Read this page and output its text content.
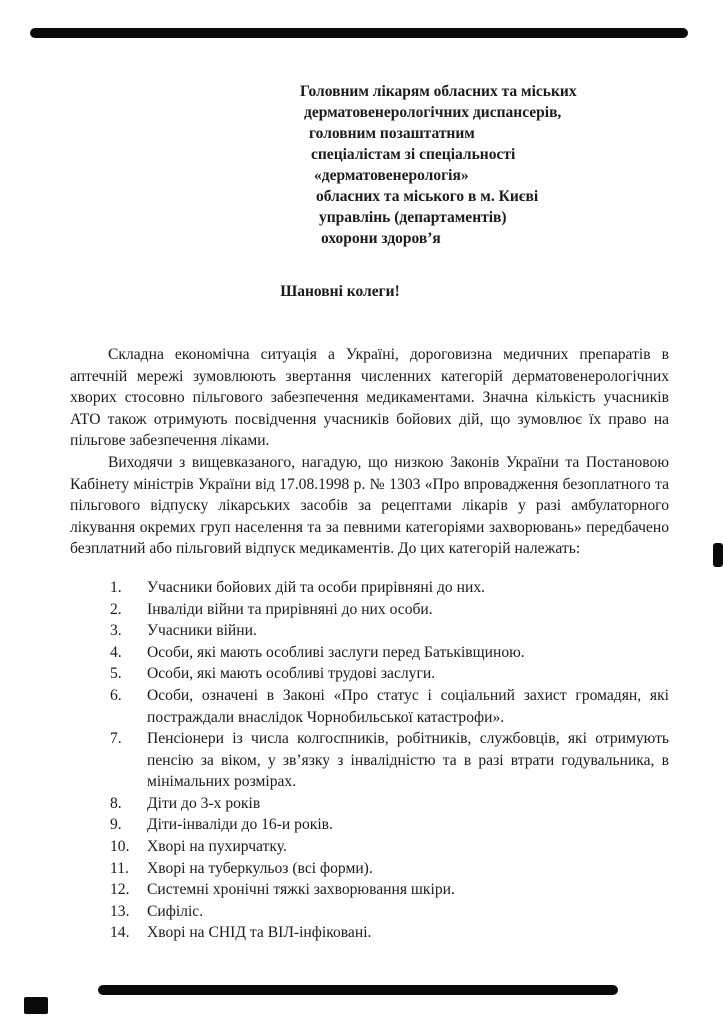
Головним лікарям обласних та міських
дерматовенерологічних диспансерів,
головним позаштатним
спеціалістам зі спеціальності
«дерматовенерологія»
обласних та міського в м. Києві
управлінь (департаментів)
охорони здоров’я
Шановні колеги!

Складна економічна ситуація а Україні, дороговизна медичних препаратів в аптечній мережі зумовлюють звертання численних категорій дерматовенерологічних хворих стосовно пільгового забезпечення медикаментами. Значна кількість учасників АТО також отримують посвідчення учасників бойових дій, що зумовлює їх право на пільгове забезпечення ліками.

Виходячи з вищевказаного, нагадую, що низкою Законів України та Постановою Кабінету міністрів України від 17.08.1998 р. № 1303 «Про впровадження безоплатного та пільгового відпуску лікарських засобів за рецептами лікарів у разі амбулаторного лікування окремих груп населення та за певними категоріями захворювань» передбачено безплатний або пільговий відпуск медикаментів. До цих категорій належать:

1.	Учасники бойових дій та особи прирівняні до них.
2.	Інваліди війни та прирівняні до них особи.
3.	Учасники війни.
4.	Особи, які мають особливі заслуги перед Батьківщиною.
5.	Особи, які мають особливі трудові заслуги.
6.	Особи, означені в Законі «Про статус і соціальний захист громадян, які постраждали внаслідок Чорнобильської катастрофи».
7.	Пенсіонери із числа колгоспників, робітників, службовців, які отримують пенсію за віком, у зв’язку з інвалідністю та в разі втрати годувальника, в мінімальних розмірах.
8.	Діти до 3-х років
9.	Діти-інваліди до 16-и років.
10.	Хворі на пухирчатку.
11.	Хворі на туберкульоз (всі форми).
12.	Системні хронічні тяжкі захворювання шкіри.
13.	Сифіліс.
14.	Хворі на СНІД та ВІЛ-інфіковані.
